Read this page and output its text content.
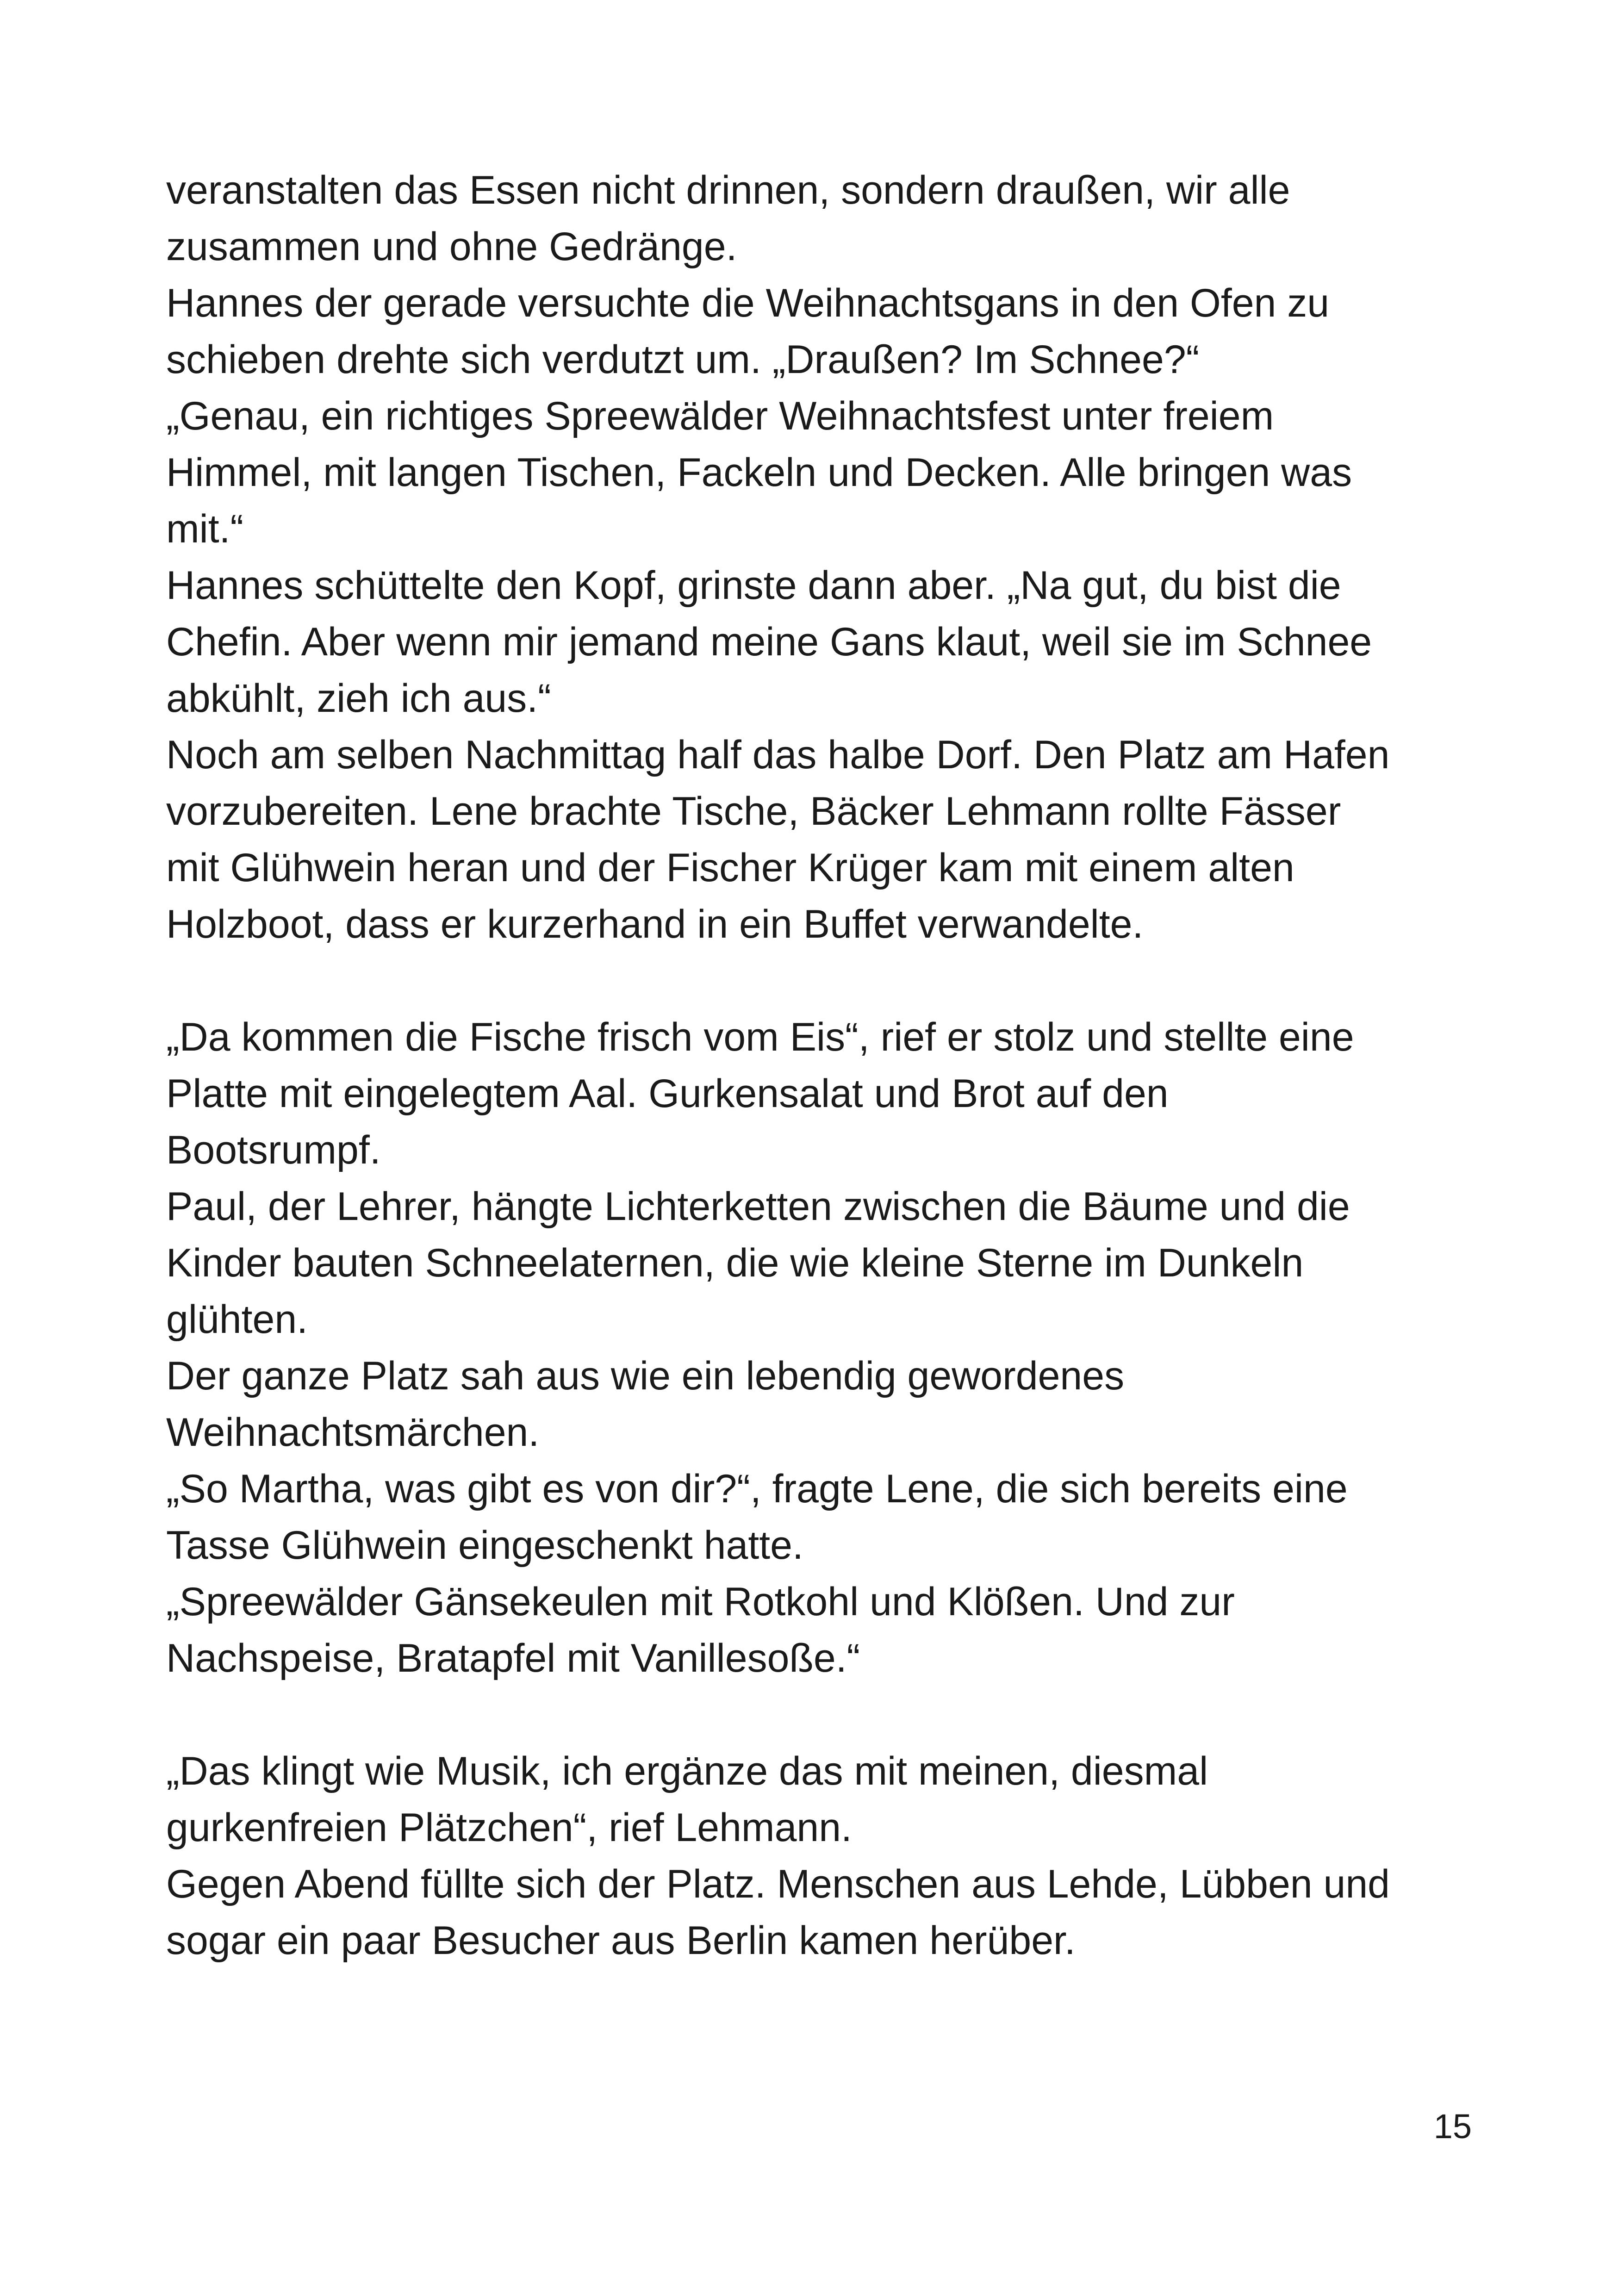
veranstalten das Essen nicht drinnen, sondern draußen, wir alle
zusammen und ohne Gedränge.
Hannes der gerade versuchte die Weihnachtsgans in den Ofen zu
schieben drehte sich verdutzt um. „Draußen? Im Schnee?“
„Genau, ein richtiges Spreewälder Weihnachtsfest unter freiem
Himmel, mit langen Tischen, Fackeln und Decken. Alle bringen was
mit.“
Hannes schüttelte den Kopf, grinste dann aber. „Na gut, du bist die
Chefin. Aber wenn mir jemand meine Gans klaut, weil sie im Schnee
abkühlt, zieh ich aus.“
Noch am selben Nachmittag half das halbe Dorf. Den Platz am Hafen
vorzubereiten. Lene brachte Tische, Bäcker Lehmann rollte Fässer
mit Glühwein heran und der Fischer Krüger kam mit einem alten
Holzboot, dass er kurzerhand in ein Buffet verwandelte.
„Da kommen die Fische frisch vom Eis“, rief er stolz und stellte eine
Platte mit eingelegtem Aal. Gurkensalat und Brot auf den
Bootsrumpf.
Paul, der Lehrer, hängte Lichterketten zwischen die Bäume und die
Kinder bauten Schneelaternen, die wie kleine Sterne im Dunkeln
glühten.
Der ganze Platz sah aus wie ein lebendig gewordenes
Weihnachtsmärchen.
„So Martha, was gibt es von dir?“, fragte Lene, die sich bereits eine
Tasse Glühwein eingeschenkt hatte.
„Spreewälder Gänsekeulen mit Rotkohl und Klößen. Und zur
Nachspeise, Bratapfel mit Vanillesoße.“
„Das klingt wie Musik, ich ergänze das mit meinen, diesmal
gurkenfreien Plätzchen“, rief Lehmann.
Gegen Abend füllte sich der Platz. Menschen aus Lehde, Lübben und
sogar ein paar Besucher aus Berlin kamen herüber.
15
